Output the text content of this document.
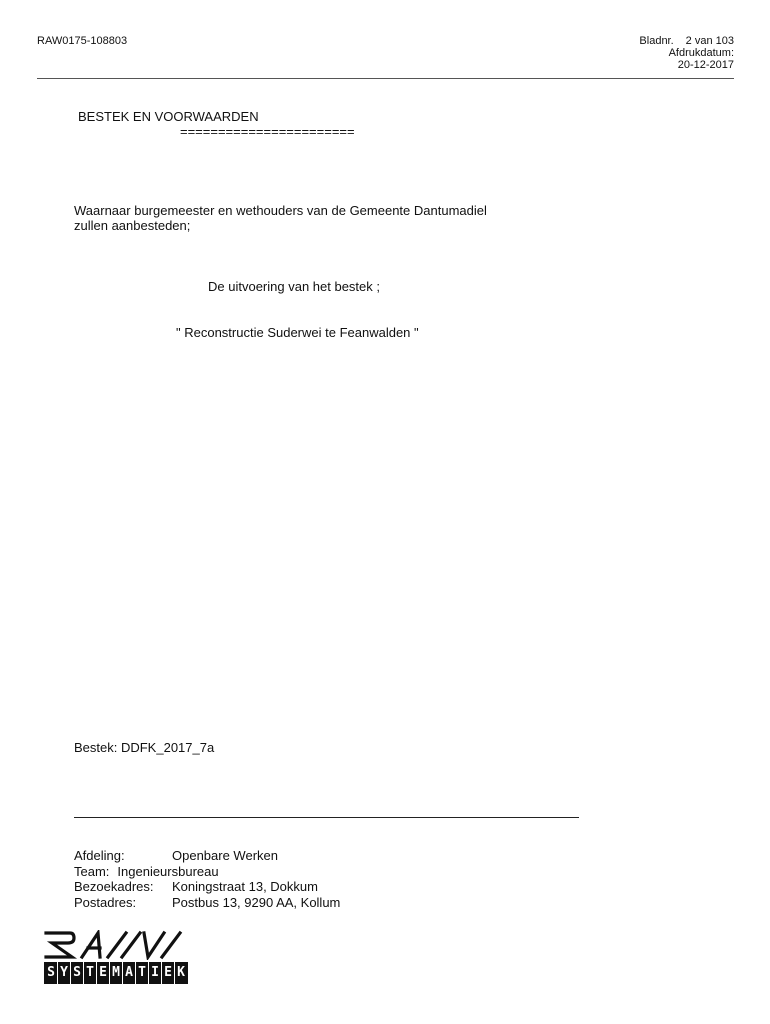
RAW0175-108803	Bladnr. 2 van 103
Afdrukdatum:
20-12-2017
BESTEK EN VOORWAARDEN
=======================
Waarnaar burgemeester en wethouders van de Gemeente Dantumadiel
zullen aanbesteden;
De uitvoering van het bestek ;
" Reconstructie Suderwei te Feanwalden "
Bestek: DDFK_2017_7a
Afdeling:	Openbare Werken
Team: Ingenieursbureau
Bezoekadres: Koningstraat 13, Dokkum
Postadres:	Postbus 13, 9290 AA, Kollum
S Y S T E M A T I E K
